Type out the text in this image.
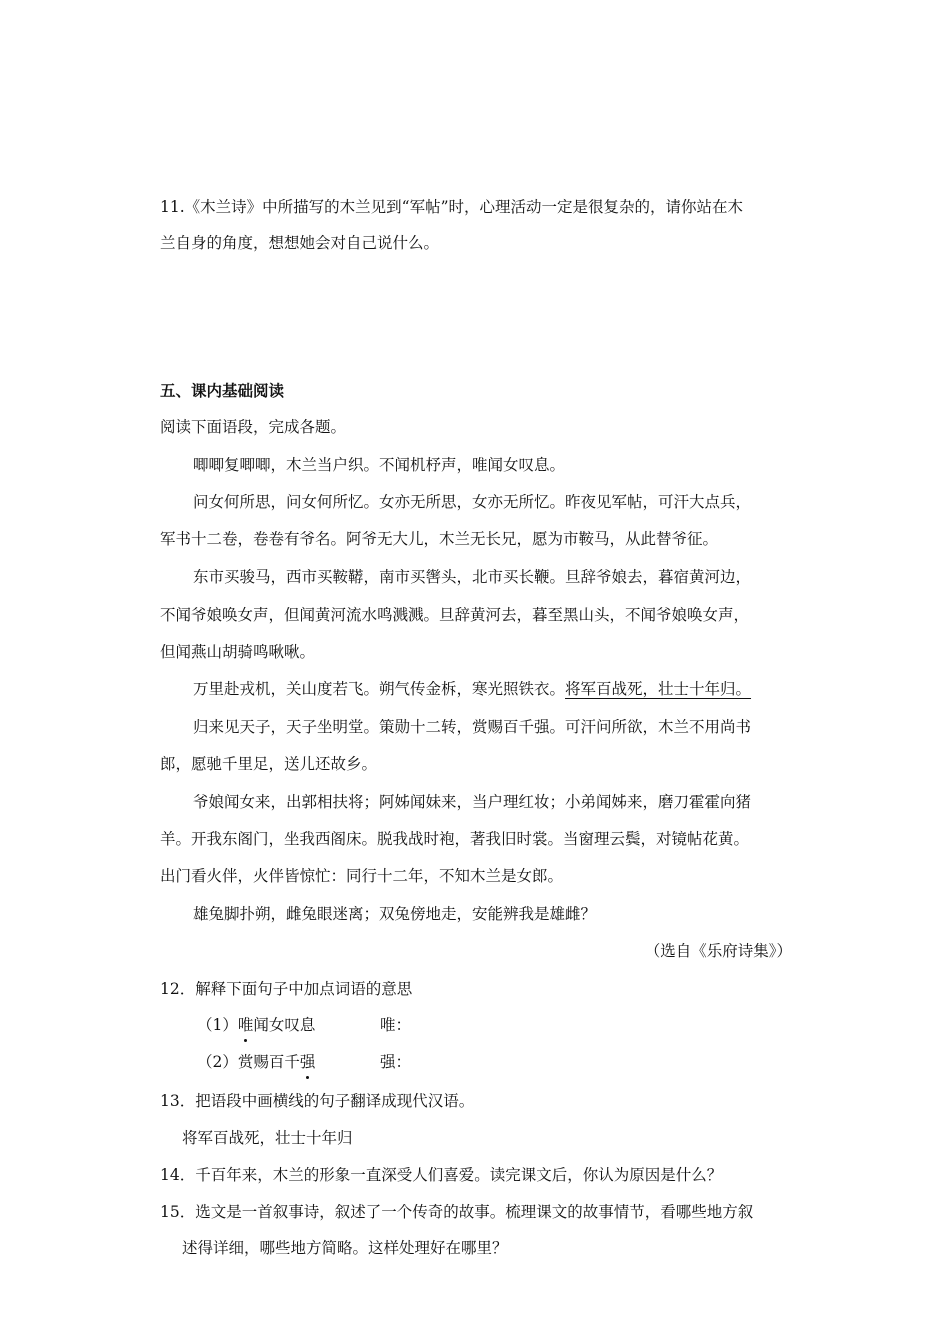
11.《木兰诗》中所描写的木兰见到“军帖”时，心理活动一定是很复杂的，请你站在木
兰自身的角度，想想她会对自己说什么。
五、课内基础阅读
阅读下面语段，完成各题。
唧唧复唧唧，木兰当户织。不闻机杼声，唯闻女叹息。
问女何所思，问女何所忆。女亦无所思，女亦无所忆。昨夜见军帖，可汗大点兵，
军书十二卷，卷卷有爷名。阿爷无大儿，木兰无长兄，愿为市鞍马，从此替爷征。
东市买骏马，西市买鞍鞯，南市买辔头，北市买长鞭。旦辞爷娘去，暮宿黄河边，
不闻爷娘唤女声，但闻黄河流水鸣溅溅。旦辞黄河去，暮至黑山头，不闻爷娘唤女声，
但闻燕山胡骑鸣啾啾。
万里赴戎机，关山度若飞。朔气传金柝，寒光照铁衣。将军百战死，壮士十年归。
归来见天子，天子坐明堂。策勋十二转，赏赐百千强。可汗问所欲，木兰不用尚书
郎，愿驰千里足，送儿还故乡。
爷娘闻女来，出郭相扶将；阿姊闻妹来，当户理红妆；小弟闻姊来，磨刀霍霍向猪
羊。开我东阁门，坐我西阁床。脱我战时袍，著我旧时裳。当窗理云鬓，对镜帖花黄。
出门看火伴，火伴皆惊忙：同行十二年，不知木兰是女郎。
雄兔脚扑朔，雌兔眼迷离；双兔傍地走，安能辨我是雄雌？
（选自《乐府诗集》）
12．解释下面句子中加点词语的意思
（1）唯闻女叹息	唯：
（2）赏赐百千强	强：
13．把语段中画横线的句子翻译成现代汉语。
将军百战死，壮士十年归
14．千百年来，木兰的形象一直深受人们喜爱。读完课文后，你认为原因是什么？
15．选文是一首叙事诗，叙述了一个传奇的故事。梳理课文的故事情节，看哪些地方叙
述得详细，哪些地方简略。这样处理好在哪里？
